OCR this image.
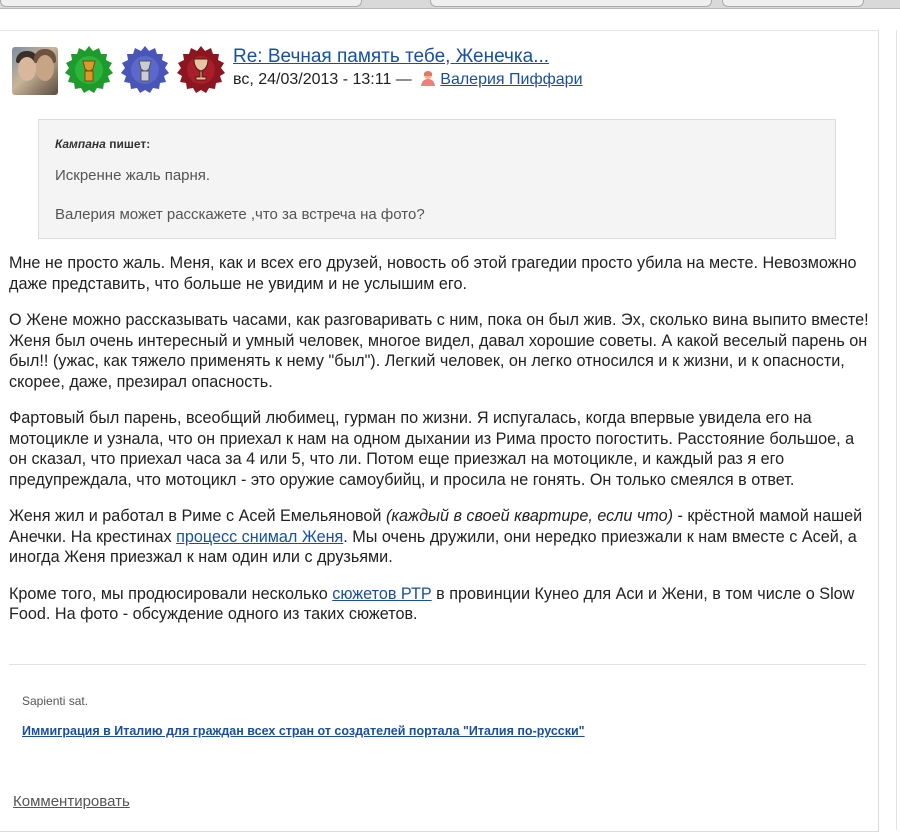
Re: Вечная память тебе, Женечка...
вс, 24/03/2013 - 13:11 — Валерия Пиффари
Кампана пишет:
Искренне жаль парня.
Валерия может расскажете ,что за встреча на фото?

Мне не просто жаль. Меня, как и всех его друзей, новость об этой грагедии просто убила на месте. Невозможно даже представить, что больше не увидим и не услышим его.

О Жене можно рассказывать часами, как разговаривать с ним, пока он был жив. Эх, сколько вина выпито вместе! Женя был очень интересный и умный человек, многое видел, давал хорошие советы. А какой веселый парень он был!! (ужас, как тяжело применять к нему "был"). Легкий человек, он легко относился и к жизни, и к опасности, скорее, даже, презирал опасность.

Фартовый был парень, всеобщий любимец, гурман по жизни. Я испугалась, когда впервые увидела его на мотоцикле и узнала, что он приехал к нам на одном дыхании из Рима просто погостить. Расстояние большое, а он сказал, что приехал часа за 4 или 5, что ли. Потом еще приезжал на мотоцикле, и каждый раз я его предупреждала, что мотоцикл - это оружие самоубийц, и просила не гонять. Он только смеялся в ответ.

Женя жил и работал в Риме с Асей Емельяновой (каждый в своей квартире, если что) - крёстной мамой нашей Анечки. На крестинах процесс снимал Женя. Мы очень дружили, они нередко приезжали к нам вместе с Асей, а иногда Женя приезжал к нам один или с друзьями.

Кроме того, мы продюсировали несколько сюжетов РТР в провинции Кунео для Аси и Жени, в том числе о Slow Food. На фото - обсуждение одного из таких сюжетов.

Sapienti sat.
Иммиграция в Италию для граждан всех стран от создателей портала "Италия по-русски"
Комментировать
